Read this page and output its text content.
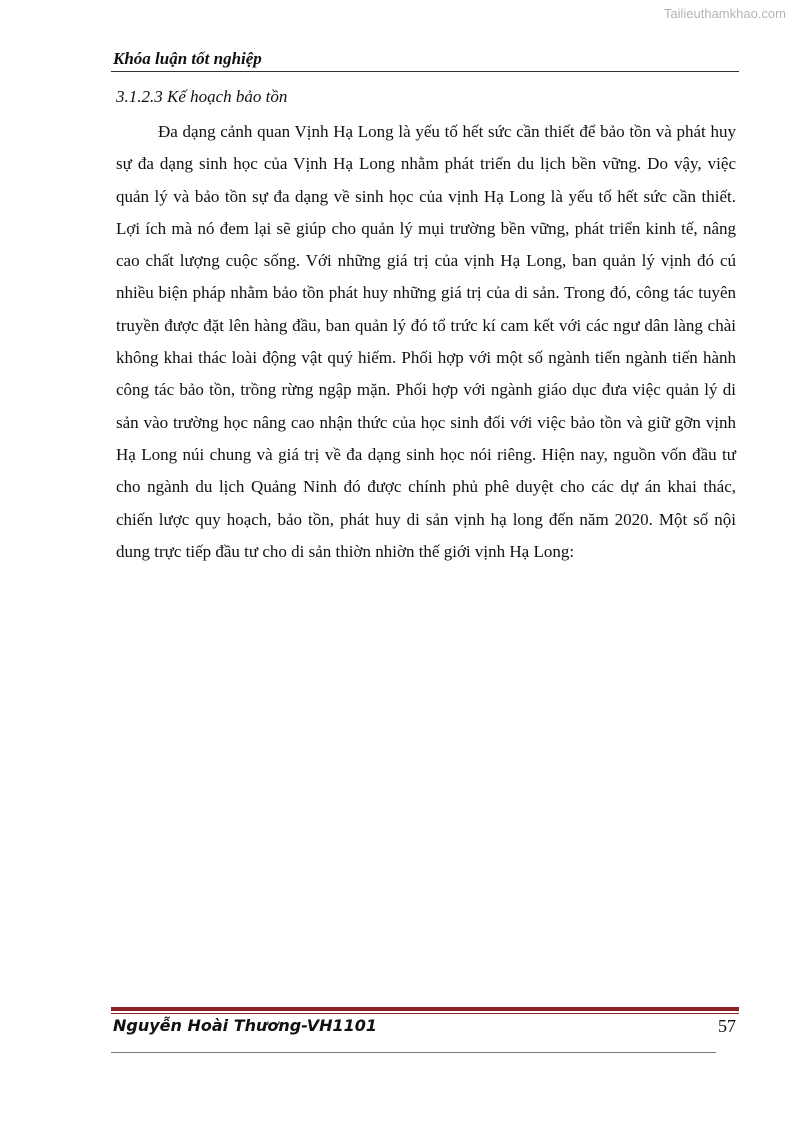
Tailieuthamkhao.com
Khóa luận tốt nghiệp
3.1.2.3 Kế hoạch bảo tồn

Đa dạng cảnh quan Vịnh Hạ Long là yếu tố hết sức cần thiết để bảo tồn và phát huy sự đa dạng sinh học của Vịnh Hạ Long nhằm phát triển du lịch bền vững. Do vậy, việc quản lý và bảo tồn sự đa dạng về sinh học của vịnh Hạ Long là yếu tố hết sức cần thiết. Lợi ích mà nó đem lại sẽ giúp cho quản lý mụi trường bền vững, phát triển kinh tế, nâng cao chất lượng cuộc sống. Với những giá trị của vịnh Hạ Long, ban quản lý vịnh đó cú nhiều biện pháp nhằm bảo tồn phát huy những giá trị của di sản. Trong đó, công tác tuyên truyền được đặt lên hàng đầu, ban quản lý đó tổ trức kí cam kết với các ngư dân làng chài không khai thác loài động vật quý hiếm. Phối hợp với một số ngành tiến ngành tiến hành công tác bảo tồn, trồng rừng ngập mặn. Phối hợp với ngành giáo dục đưa việc quản lý di sản vào trường học nâng cao nhận thức của học sinh đối với việc bảo tồn và giữ gỡn vịnh Hạ Long núi chung và giá trị về đa dạng sinh học nói riêng. Hiện nay, nguồn vốn đầu tư cho ngành du lịch Quảng Ninh đó được chính phủ phê duyệt cho các dự án khai thác, chiến lược quy hoạch, bảo tồn, phát huy di sản vịnh hạ long đến năm 2020. Một số nội dung trực tiếp đầu tư cho di sản thiờn nhiờn thế giới vịnh Hạ Long:

Nguyễn Hoài Thương-VH1101	57
